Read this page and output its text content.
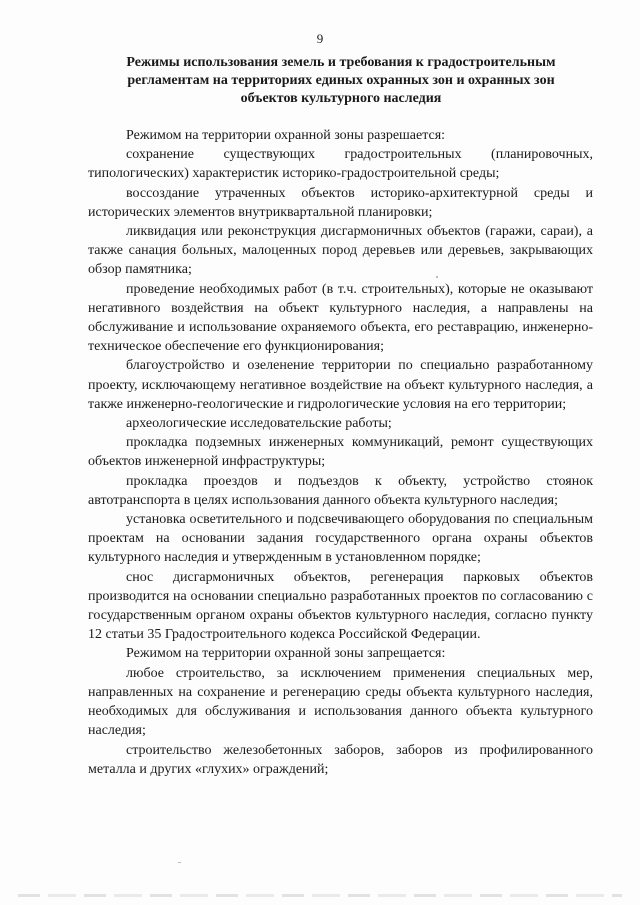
9
Режимы использования земель и требования к градостроительным
регламентам на территориях единых охранных зон и охранных зон
объектов культурного наследия

Режимом на территории охранной зоны разрешается:

сохранение существующих градостроительных (планировочных, типологических) характеристик историко-градостроительной среды;

воссоздание утраченных объектов историко-архитектурной среды и исторических элементов внутриквартальной планировки;

ликвидация или реконструкция дисгармоничных объектов (гаражи, сараи), а также санация больных, малоценных пород деревьев или деревьев, закрывающих обзор памятника;

проведение необходимых работ (в т.ч. строительных), которые не оказывают негативного воздействия на объект культурного наследия, а направлены на обслуживание и использование охраняемого объекта, его реставрацию, инженерно-техническое обеспечение его функционирования;

благоустройство и озеленение территории по специально разработанному проекту, исключающему негативное воздействие на объект культурного наследия, а также инженерно-геологические и гидрологические условия на его территории;

археологические исследовательские работы;

прокладка подземных инженерных коммуникаций, ремонт существующих объектов инженерной инфраструктуры;

прокладка проездов и подъездов к объекту, устройство стоянок автотранспорта в целях использования данного объекта культурного наследия;

установка осветительного и подсвечивающего оборудования по специальным проектам на основании задания государственного органа охраны объектов культурного наследия и утвержденным в установленном порядке;

снос дисгармоничных объектов, регенерация парковых объектов производится на основании специально разработанных проектов по согласованию с государственным органом охраны объектов культурного наследия, согласно пункту 12 статьи 35 Градостроительного кодекса Российской Федерации.

Режимом на территории охранной зоны запрещается:

любое строительство, за исключением применения специальных мер, направленных на сохранение и регенерацию среды объекта культурного наследия, необходимых для обслуживания и использования данного объекта культурного наследия;

строительство железобетонных заборов, заборов из профилированного металла и других «глухих» ограждений;
